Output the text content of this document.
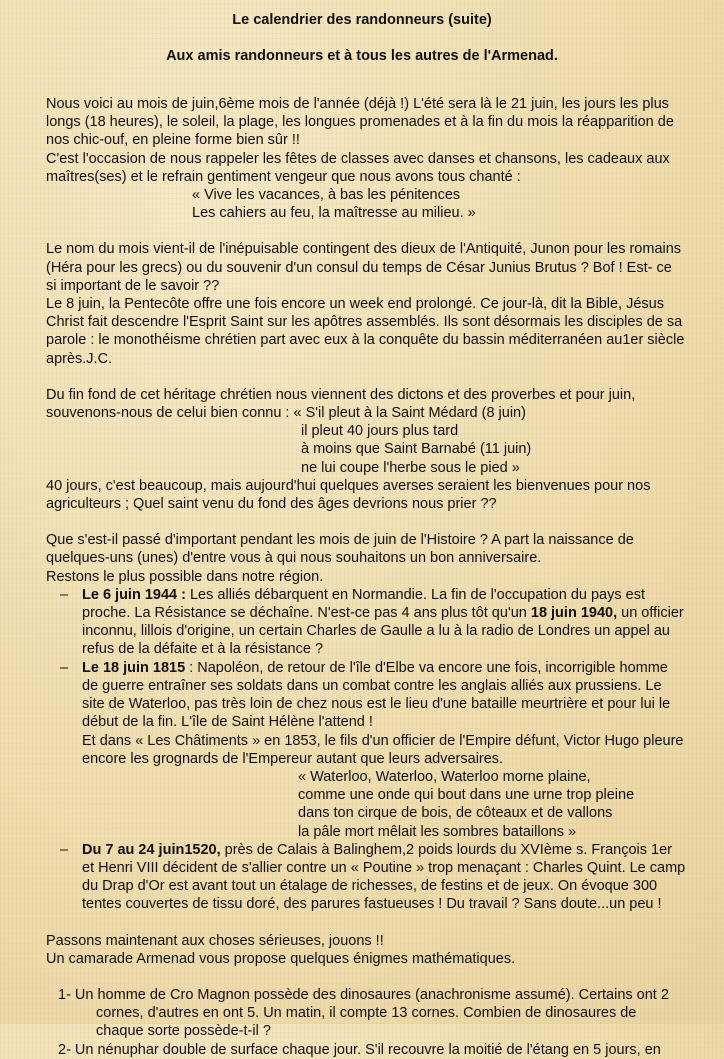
Le calendrier des randonneurs (suite)
Aux amis randonneurs et à tous les autres de l'Armenad.

Nous voici au mois de juin,6ème mois de l'année (déjà !) L'été sera là le 21 juin, les jours les plus longs (18 heures), le soleil, la plage, les longues promenades et à la fin du mois la réapparition de nos chic-ouf, en pleine forme bien sûr !!

C'est l'occasion de nous rappeler les fêtes de classes avec danses et chansons, les cadeaux aux maîtres(ses) et le refrain gentiment vengeur que nous avons tous chanté :

« Vive les vacances, à bas les pénitences

Les cahiers au feu, la maîtresse au milieu. »

Le nom du mois vient-il de l'inépuisable contingent des dieux de l'Antiquité, Junon pour les romains (Héra pour les grecs) ou du souvenir d'un consul du temps de César Junius Brutus ? Bof ! Est- ce si important de le savoir ??

Le 8 juin, la Pentecôte offre une fois encore un week end prolongé. Ce jour-là, dit la Bible, Jésus Christ fait descendre l'Esprit Saint sur les apôtres assemblés. Ils sont désormais les disciples de sa parole : le monothéisme chrétien part avec eux à la conquête du bassin méditerranéen au1er siècle après.J.C.

Du fin fond de cet héritage chrétien nous viennent des dictons et des proverbes et pour juin, souvenons-nous de celui bien connu : « S'il pleut à la Saint Médard (8 juin)

il pleut 40 jours plus tard

à moins que Saint Barnabé (11 juin)

ne lui coupe l'herbe sous le pied »

40 jours, c'est beaucoup, mais aujourd'hui quelques averses seraient les bienvenues pour nos agriculteurs ; Quel saint venu du fond des âges devrions nous prier ??

Que s'est-il passé d'important pendant les mois de juin de l'Histoire ? A part la naissance de quelques-uns (unes) d'entre vous à qui nous souhaitons un bon anniversaire.

Restons le plus possible dans notre région.

– Le 6 juin 1944 : Les alliés débarquent en Normandie. La fin de l'occupation du pays est proche. La Résistance se déchaîne. N'est-ce pas 4 ans plus tôt qu'un 18 juin 1940, un officier inconnu, lillois d'origine, un certain Charles de Gaulle a lu à la radio de Londres un appel au refus de la défaite et à la résistance ?
– Le 18 juin 1815 : Napoléon, de retour de l'île d'Elbe va encore une fois, incorrigible homme de guerre entraîner ses soldats dans un combat contre les anglais alliés aux prussiens. Le site de Waterloo, pas très loin de chez nous est le lieu d'une bataille meurtrière et pour lui le début de la fin. L'île de Saint Hélène l'attend !
Et dans « Les Châtiments » en 1853, le fils d'un officier de l'Empire défunt, Victor Hugo pleure encore les grognards de l'Empereur autant que leurs adversaires.

« Waterloo, Waterloo, Waterloo morne plaine,

comme une onde qui bout dans une urne trop pleine

dans ton cirque de bois, de côteaux et de vallons

la pâle mort mêlait les sombres bataillons »

– Du 7 au 24 juin1520, près de Calais à Balinghem,2 poids lourds du XVIème s. François 1er et Henri VIII décident de s'allier contre un « Poutine » trop menaçant : Charles Quint. Le camp du Drap d'Or est avant tout un étalage de richesses, de festins et de jeux. On évoque 300 tentes couvertes de tissu doré, des parures fastueuses ! Du travail ? Sans doute...un peu !

Passons maintenant aux choses sérieuses, jouons !!

Un camarade Armenad vous propose quelques énigmes mathématiques.

1- Un homme de Cro Magnon possède des dinosaures (anachronisme assumé). Certains ont 2
cornes, d'autres en ont 5. Un matin, il compte 13 cornes. Combien de dinosaures de chaque sorte possède-t-il ?
2- Un nénuphar double de surface chaque jour. S'il recouvre la moitié de l'étang en 5 jours, en
